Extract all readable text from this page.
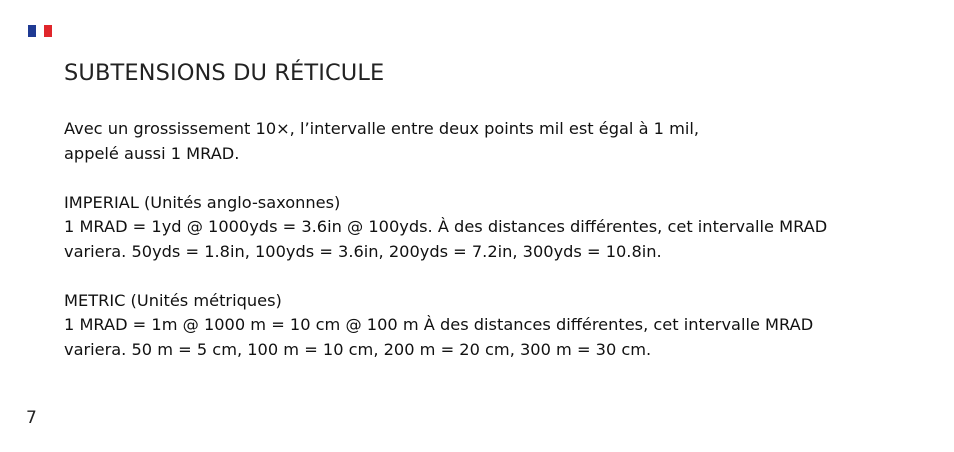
SUBTENSIONS DU RÉTICULE

Avec un grossissement 10×, l’intervalle entre deux points mil est égal à 1 mil,

appelé aussi 1 MRAD.

IMPERIAL (Unités anglo-saxonnes)

1 MRAD = 1yd @ 1000yds = 3.6in @ 100yds. À des distances différentes, cet intervalle MRAD

variera. 50yds = 1.8in, 100yds = 3.6in, 200yds = 7.2in, 300yds = 10.8in.

METRIC (Unités métriques)

1 MRAD = 1m @ 1000 m = 10 cm @ 100 m À des distances différentes, cet intervalle MRAD

variera. 50 m = 5 cm, 100 m = 10 cm, 200 m = 20 cm, 300 m = 30 cm.

7
